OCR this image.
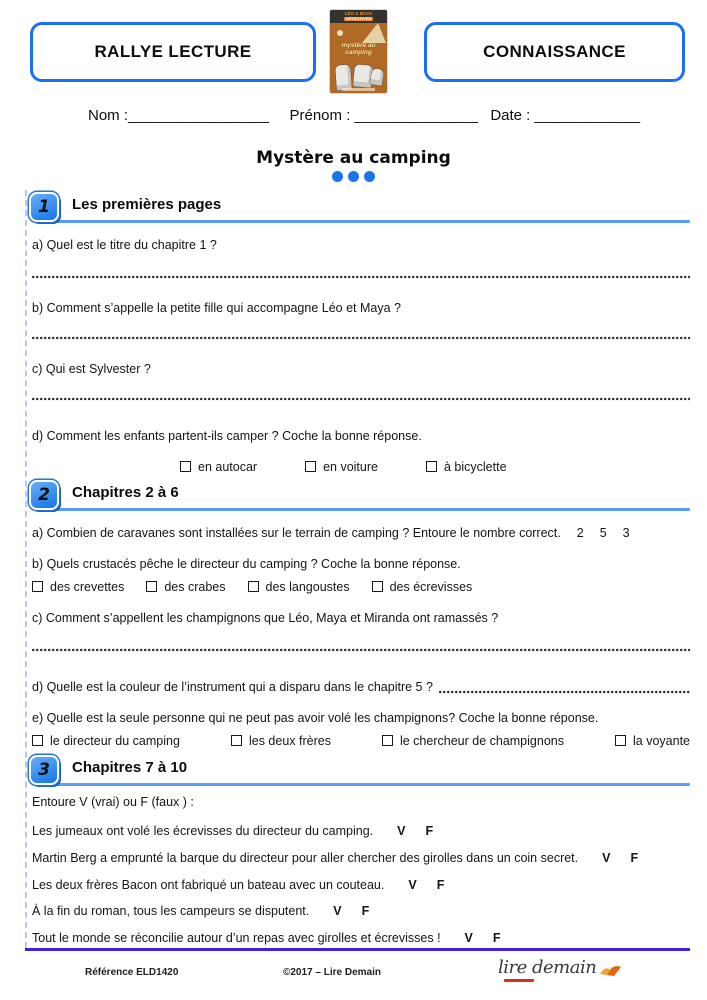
RALLYE LECTURE
LÉO & MAYA
DÉTECTIVES
mystère au camping	CONNAISSANCE
Nom :________________ Prénom : ______________ Date : ____________
Mystère au camping
1	Les premières pages

a) Quel est le titre du chapitre 1 ?

b) Comment s’appelle la petite fille qui accompagne Léo et Maya ?

c) Qui est Sylvester ?

d) Comment les enfants partent-ils camper ? Coche la bonne réponse.

en autocar	en voiture	à bicyclette
2	Chapitres 2 à 6

a) Combien de caravanes sont installées sur le terrain de camping ? Entoure le nombre correct. 2 5 3

b) Quels crustacés pêche le directeur du camping ? Coche la bonne réponse.

des crevettes	des crabes	des langoustes	des écrevisses

c) Comment s’appellent les champignons que Léo, Maya et Miranda ont ramassés ?

d) Quelle est la couleur de l’instrument qui a disparu dans le chapitre 5 ?

e) Quelle est la seule personne qui ne peut pas avoir volé les champignons? Coche la bonne réponse.

le directeur du camping	les deux frères	le chercheur de champignons	la voyante
3	Chapitres 7 à 10

Entoure V (vrai) ou F (faux ) :

Les jumeaux ont volé les écrevisses du directeur du camping. V F
Martin Berg a emprunté la barque du directeur pour aller chercher des girolles dans un coin secret. V F
Les deux frères Bacon ont fabriqué un bateau avec un couteau. V F
À la fin du roman, tous les campeurs se disputent. V F
Tout le monde se réconcilie autour d’un repas avec girolles et écrevisses ! V F
Référence ELD1420	©2017 – Lire Demain	lire demain
